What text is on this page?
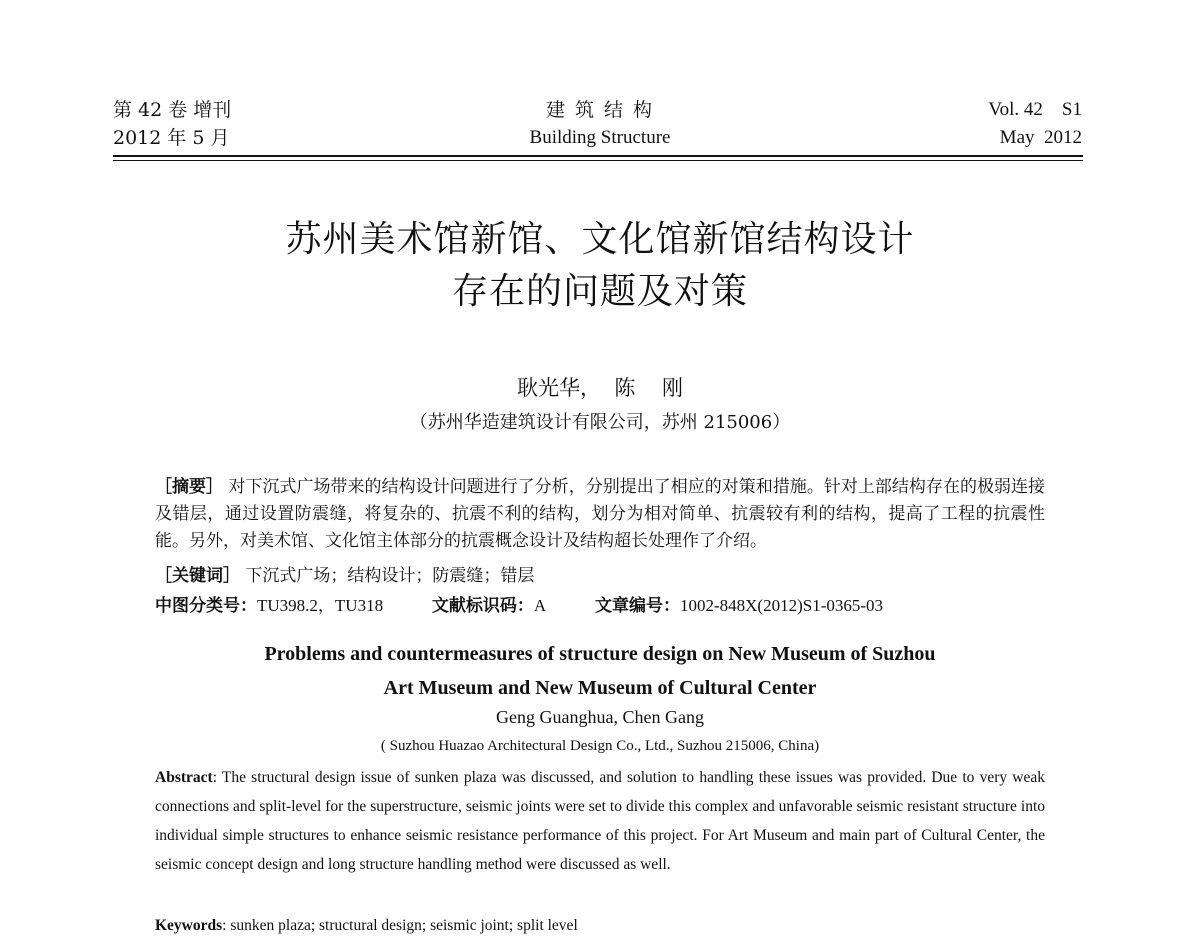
第 42 卷 增刊
2012 年 5 月
建 筑 结 构
Building Structure
Vol. 42    S1
May  2012
苏州美术馆新馆、文化馆新馆结构设计
存在的问题及对策
耿光华，  陈    刚
（苏州华造建筑设计有限公司，苏州 215006）
［摘要］ 对下沉式广场带来的结构设计问题进行了分析，分别提出了相应的对策和措施。针对上部结构存在的极弱连接及错层，通过设置防震缝，将复杂的、抗震不利的结构，划分为相对简单、抗震较有利的结构，提高了工程的抗震性能。另外，对美术馆、文化馆主体部分的抗震概念设计及结构超长处理作了介绍。
［关键词］ 下沉式广场；结构设计；防震缝；错层
中图分类号：TU398.2，TU318	文献标识码：A	文章编号：1002-848X(2012)S1-0365-03
Problems and countermeasures of structure design on New Museum of Suzhou
Art Museum and New Museum of Cultural Center
Geng Guanghua, Chen Gang
( Suzhou Huazao Architectural Design Co., Ltd., Suzhou 215006, China)
Abstract: The structural design issue of sunken plaza was discussed, and solution to handling these issues was provided. Due to very weak connections and split-level for the superstructure, seismic joints were set to divide this complex and unfavorable seismic resistant structure into individual simple structures to enhance seismic resistance performance of this project. For Art Museum and main part of Cultural Center, the seismic concept design and long structure handling method were discussed as well.
Keywords: sunken plaza; structural design; seismic joint; split level
